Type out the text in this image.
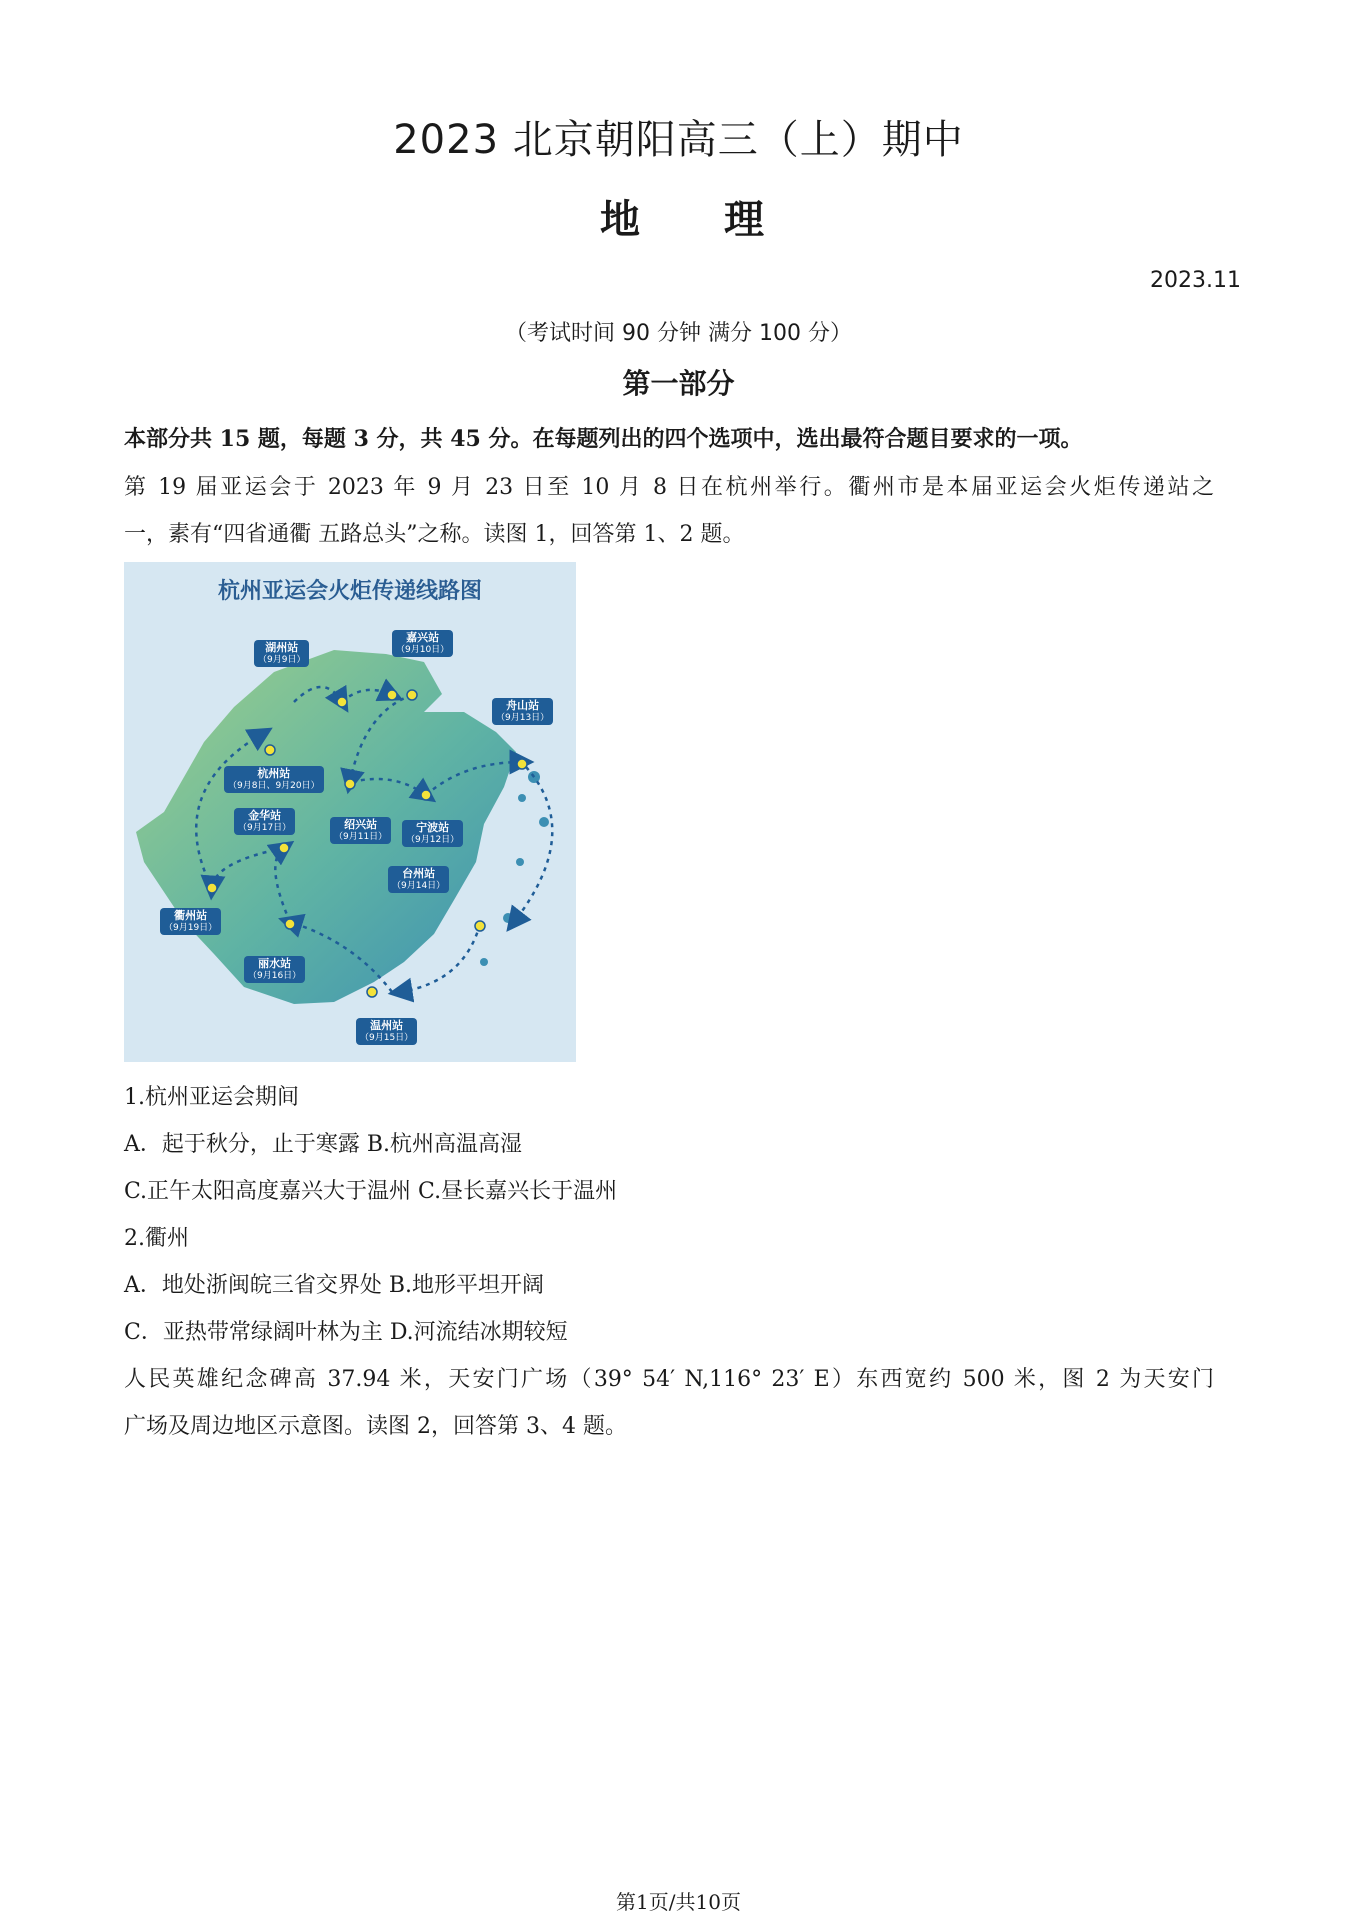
2023 北京朝阳高三（上）期中
地 理
2023.11
（考试时间 90 分钟 满分 100 分）
第一部分
本部分共 15 题，每题 3 分，共 45 分。在每题列出的四个选项中，选出最符合题目要求的一项。
第 19 届亚运会于 2023 年 9 月 23 日至 10 月 8 日在杭州举行。衢州市是本届亚运会火炬传递站之
一，素有“四省通衢 五路总头”之称。读图 1，回答第 1、2 题。
杭州亚运会火炬传递线路图
湖州站
（9月9日）
嘉兴站
（9月10日）
舟山站
（9月13日）
杭州站
（9月8日、9月20日）
金华站
（9月17日）	绍兴站
（9月11日）
宁波站
（9月12日）
台州站
（9月14日）
衢州站
（9月19日）
丽水站
（9月16日）
温州站
（9月15日）
1.杭州亚运会期间
A．起于秋分，止于寒露 B.杭州高温高湿
C.正午太阳高度嘉兴大于温州 C.昼长嘉兴长于温州
2.衢州
A．地处浙闽皖三省交界处 B.地形平坦开阔
C．亚热带常绿阔叶林为主 D.河流结冰期较短
人民英雄纪念碑高 37.94 米，天安门广场（39° 54′ N,116° 23′ E）东西宽约 500 米，图 2 为天安门
广场及周边地区示意图。读图 2，回答第 3、4 题。
第1页/共10页
